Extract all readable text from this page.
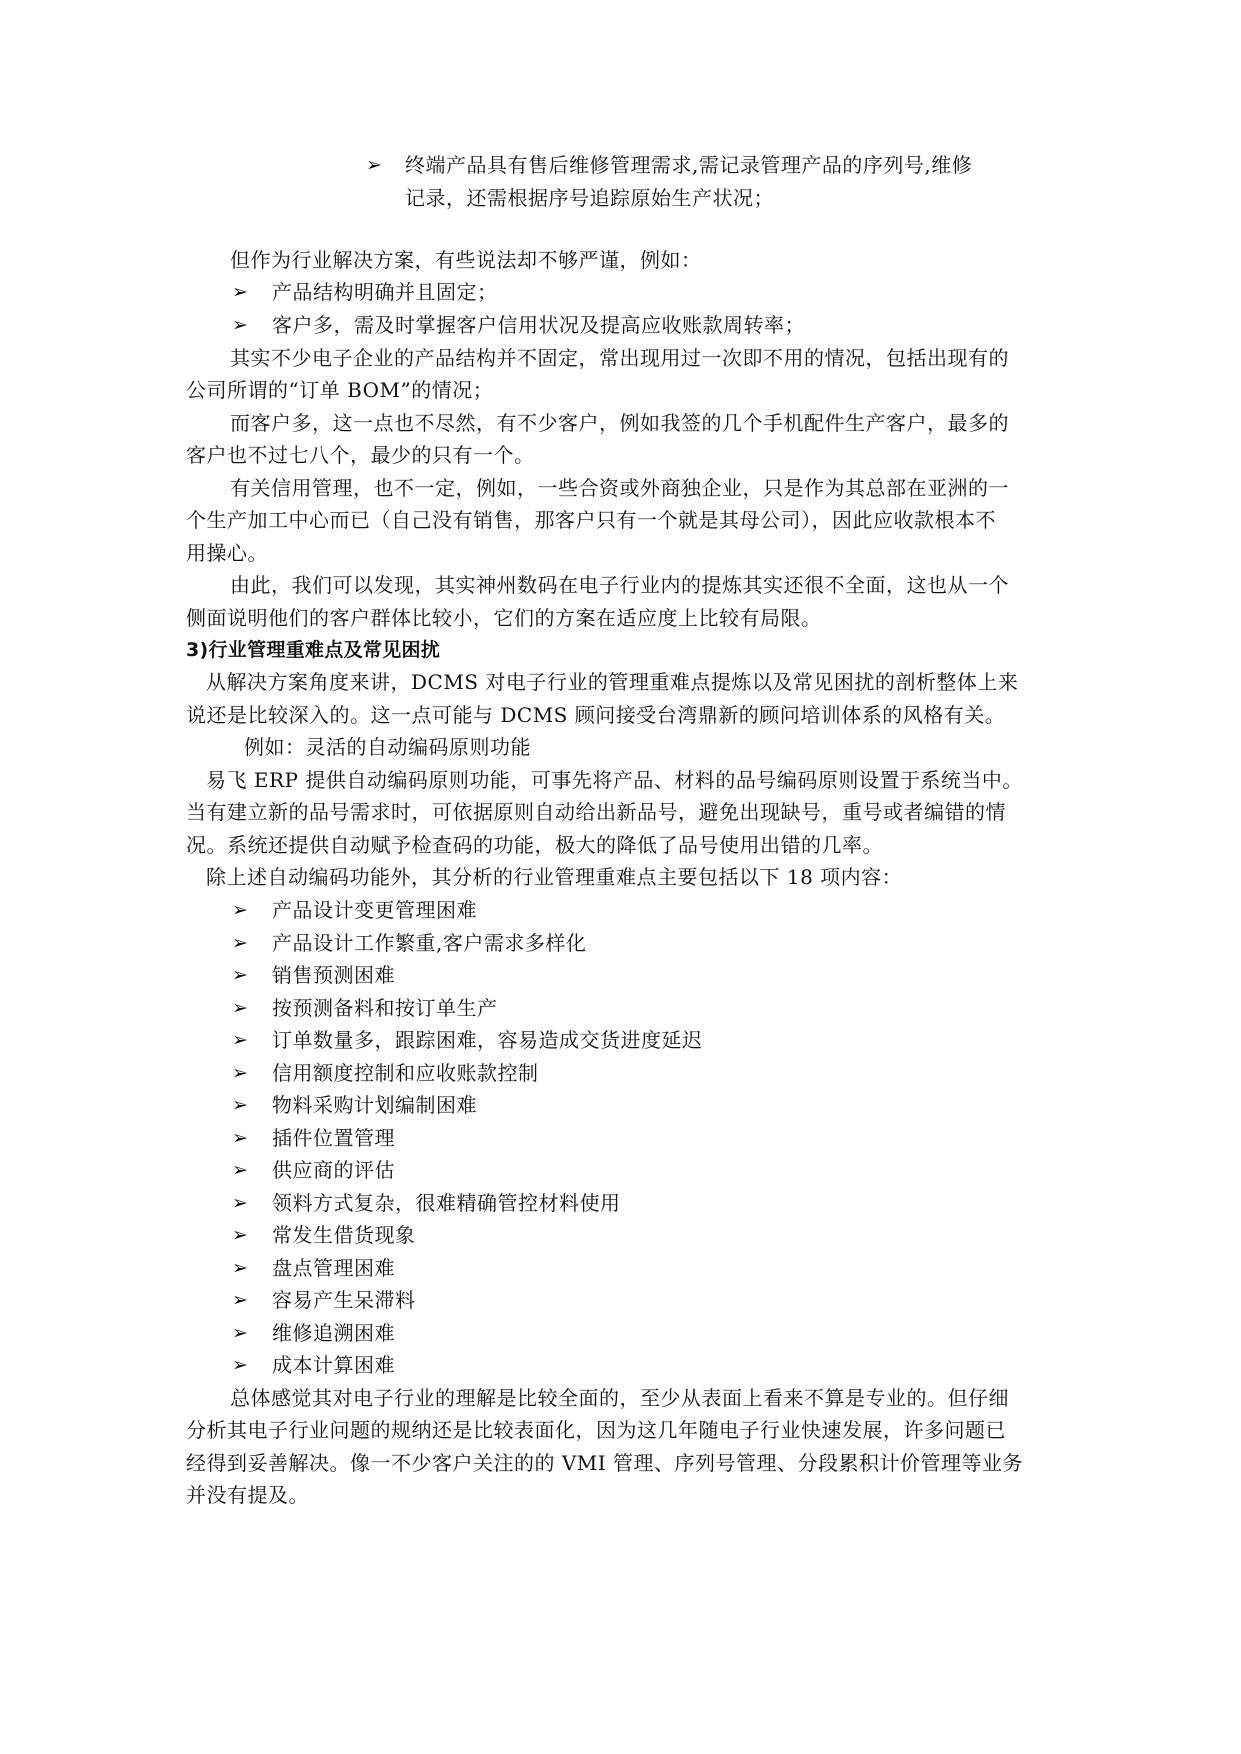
➢ 终端产品具有售后维修管理需求,需记录管理产品的序列号,维修
记录，还需根据序号追踪原始生产状况；
但作为行业解决方案，有些说法却不够严谨，例如：
➢ 产品结构明确并且固定；
➢ 客户多，需及时掌握客户信用状况及提高应收账款周转率；
其实不少电子企业的产品结构并不固定，常出现用过一次即不用的情况，包括出现有的
公司所谓的“订单 BOM”的情况；
而客户多，这一点也不尽然，有不少客户，例如我签的几个手机配件生产客户，最多的
客户也不过七八个，最少的只有一个。
有关信用管理，也不一定，例如，一些合资或外商独企业，只是作为其总部在亚洲的一
个生产加工中心而已（自己没有销售，那客户只有一个就是其母公司），因此应收款根本不
用操心。
由此，我们可以发现，其实神州数码在电子行业内的提炼其实还很不全面，这也从一个
侧面说明他们的客户群体比较小，它们的方案在适应度上比较有局限。
3)行业管理重难点及常见困扰
从解决方案角度来讲，DCMS 对电子行业的管理重难点提炼以及常见困扰的剖析整体上来
说还是比较深入的。这一点可能与 DCMS 顾问接受台湾鼎新的顾问培训体系的风格有关。
例如：灵活的自动编码原则功能
易飞 ERP 提供自动编码原则功能，可事先将产品、材料的品号编码原则设置于系统当中。
当有建立新的品号需求时，可依据原则自动给出新品号，避免出现缺号，重号或者编错的情
况。系统还提供自动赋予检查码的功能，极大的降低了品号使用出错的几率。
除上述自动编码功能外，其分析的行业管理重难点主要包括以下 18 项内容：
➢ 产品设计变更管理困难
➢ 产品设计工作繁重,客户需求多样化
➢ 销售预测困难
➢ 按预测备料和按订单生产
➢ 订单数量多，跟踪困难，容易造成交货进度延迟
➢ 信用额度控制和应收账款控制
➢ 物料采购计划编制困难
➢ 插件位置管理
➢ 供应商的评估
➢ 领料方式复杂，很难精确管控材料使用
➢ 常发生借货现象
➢ 盘点管理困难
➢ 容易产生呆滞料
➢ 维修追溯困难
➢ 成本计算困难
总体感觉其对电子行业的理解是比较全面的，至少从表面上看来不算是专业的。但仔细
分析其电子行业问题的规纳还是比较表面化，因为这几年随电子行业快速发展，许多问题已
经得到妥善解决。像一不少客户关注的的 VMI 管理、序列号管理、分段累积计价管理等业务
并没有提及。
